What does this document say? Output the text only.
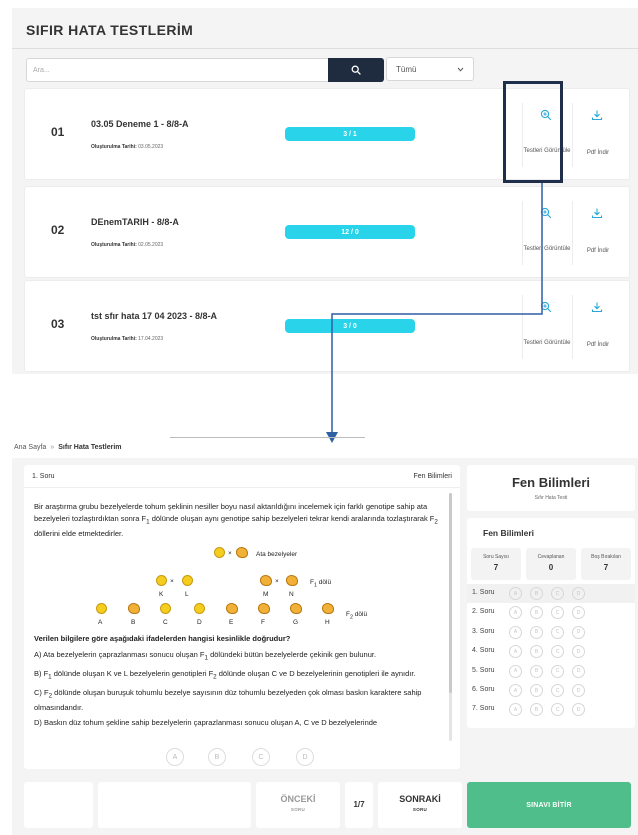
SIFIR HATA TESTLERİM
Ara...
Tümü
01
03.05 Deneme 1 - 8/8-A
Oluşturulma Tarihi: 03.05.2023
3 / 1
Testleri Görüntüle	Pdf İndir
02
DEnemTARIH - 8/8-A
Oluşturulma Tarihi: 02.05.2023
12 / 0
Testleri Görüntüle	Pdf İndir
03
tst sfır hata 17 04 2023 - 8/8-A
Oluşturulma Tarihi: 17.04.2023
3 / 0
Testleri Görüntüle	Pdf İndir
Ana Sayfa » Sıfır Hata Testlerim
1. Soru	Fen Bilimleri
Bir araştırma grubu bezelyelerde tohum şeklinin nesiller boyu nasıl aktarıldığını incelemek için farklı genotipe sahip ata bezelyeleri tozlaştırdıktan sonra $F_1$ dölünde oluşan aynı genotipe sahip bezelyeleri tekrar kendi aralarında tozlaştırarak $F_2$ döllerini elde etmektedirler.
×	Ata bezelyeler
×
K	L
×
M	N
$F_1$ dölü
A	B	C	D	E	F	G	H
$F_2$ dölü
Verilen bilgilere göre aşağıdaki ifadelerden hangisi kesinlikle doğrudur?
A) Ata bezelyelerin çaprazlanması sonucu oluşan $F_1$ dölündeki bütün bezelyelerde çekinik gen bulunur.
B) $F_1$ dölünde oluşan K ve L bezelyelerin genotipleri $F_2$ dölünde oluşan C ve D bezelyelerinin genotipleri ile aynıdır.
C) $F_2$ dölünde oluşan buruşuk tohumlu bezelye sayısının düz tohumlu bezelyeden çok olması baskın karaktere sahip olmasındandır.
D) Baskın düz tohum şekline sahip bezelyelerin çaprazlanması sonucu oluşan A, C ve D bezelyelerinde
A	B	C	D
Fen Bilimleri
Sıfır Hata Testi
Fen Bilimleri
Soru Sayısı
7
Cevaplanan
0
Boş Bırakılan
7
1. Soru	A	B	C	D
2. Soru	A	B	C	D
3. Soru	A	B	C	D
4. Soru	A	B	C	D
5. Soru	A	B	C	D
6. Soru	A	B	C	D
7. Soru	A	B	C	D
ÖNCEKİ
SORU
1/7
SONRAKİ
SORU
SINAVI BİTİR
